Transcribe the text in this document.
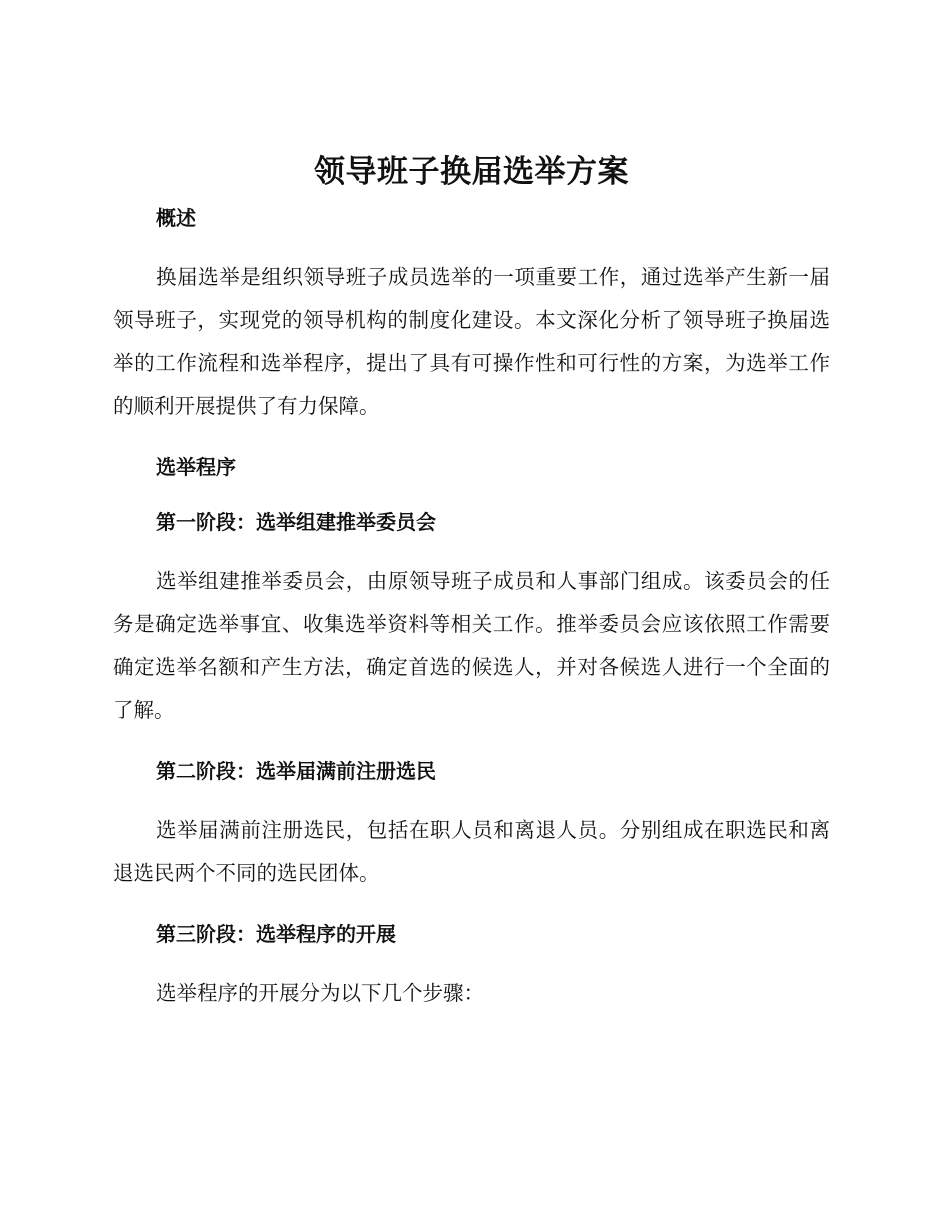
领导班子换届选举方案
概述

换届选举是组织领导班子成员选举的一项重要工作，通过选举产生新一届领导班子，实现党的领导机构的制度化建设。本文深化分析了领导班子换届选举的工作流程和选举程序，提出了具有可操作性和可行性的方案，为选举工作的顺利开展提供了有力保障。

选举程序
第一阶段：选举组建推举委员会

选举组建推举委员会，由原领导班子成员和人事部门组成。该委员会的任务是确定选举事宜、收集选举资料等相关工作。推举委员会应该依照工作需要确定选举名额和产生方法，确定首选的候选人，并对各候选人进行一个全面的了解。

第二阶段：选举届满前注册选民

选举届满前注册选民，包括在职人员和离退人员。分别组成在职选民和离退选民两个不同的选民团体。

第三阶段：选举程序的开展

选举程序的开展分为以下几个步骤：
